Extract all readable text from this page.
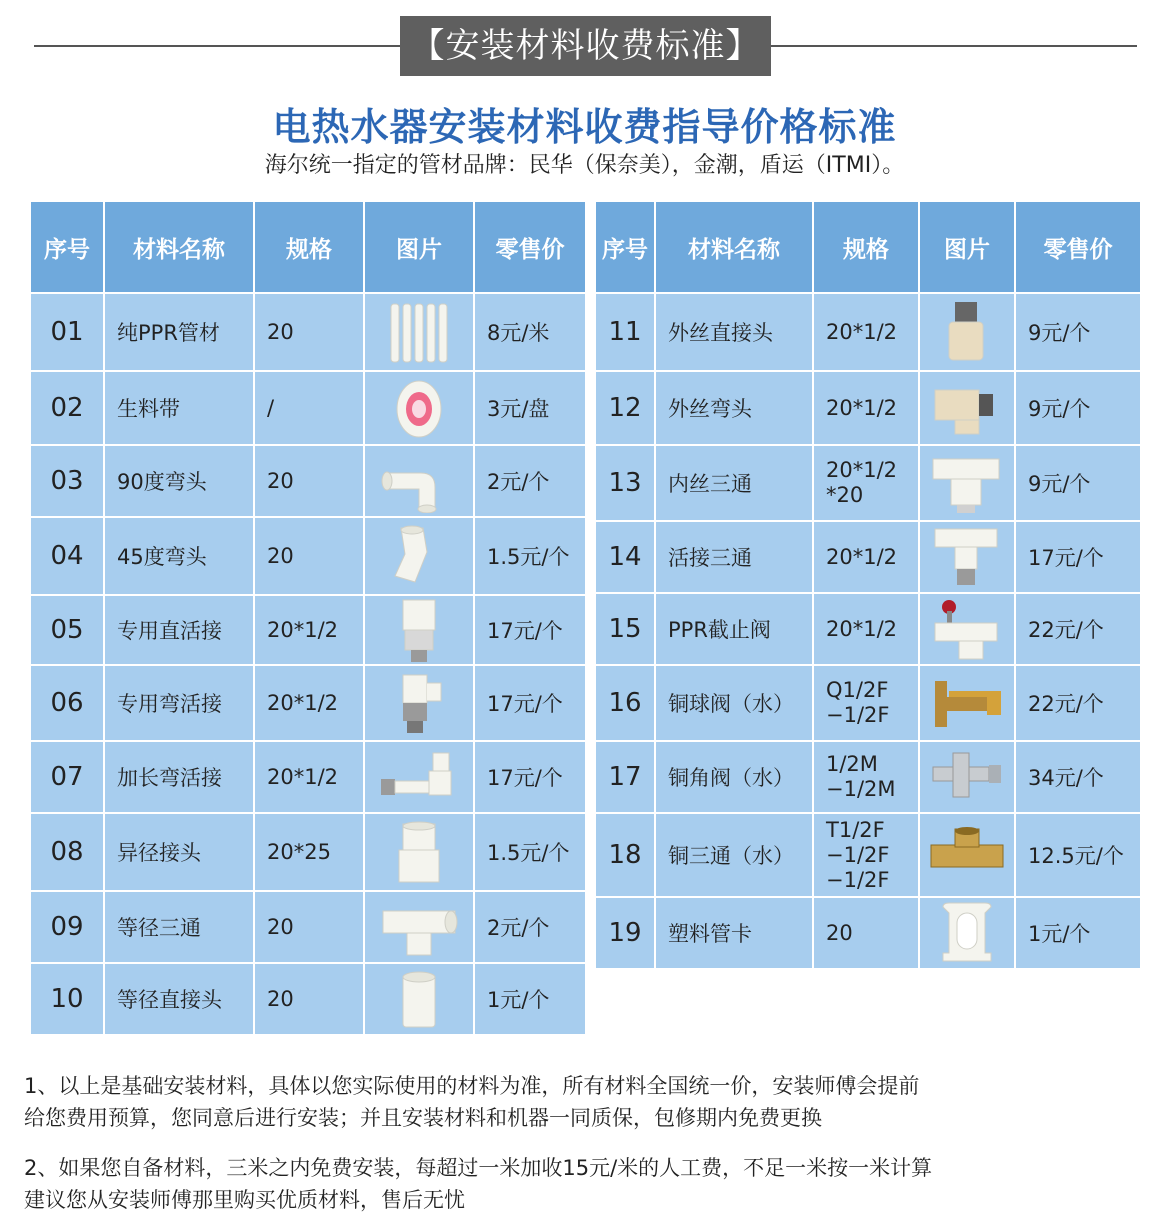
【安装材料收费标准】
电热水器安装材料收费指导价格标准
海尔统一指定的管材品牌：民华（保奈美），金潮，盾运（ITMI）。
序号	材料名称	规格	图片	零售价
01	纯PPR管材	20		8元/米
02	生料带	/		3元/盘
03	90度弯头	20		2元/个
04	45度弯头	20		1.5元/个
05	专用直活接	20*1/2		17元/个
06	专用弯活接	20*1/2		17元/个
07	加长弯活接	20*1/2		17元/个
08	异径接头	20*25		1.5元/个
09	等径三通	20		2元/个
10	等径直接头	20		1元/个
序号	材料名称	规格	图片	零售价
11	外丝直接头	20*1/2		9元/个
12	外丝弯头	20*1/2		9元/个
13	内丝三通	20*1/2
*20		9元/个
14	活接三通	20*1/2		17元/个
15	PPR截止阀	20*1/2		22元/个
16	铜球阀（水）	Q1/2F
−1/2F		22元/个
17	铜角阀（水）	1/2M
−1/2M		34元/个
18	铜三通（水）	T1/2F
−1/2F
−1/2F		12.5元/个
19	塑料管卡	20		1元/个
1、以上是基础安装材料，具体以您实际使用的材料为准，所有材料全国统一价，安装师傅会提前
给您费用预算，您同意后进行安装；并且安装材料和机器一同质保，包修期内免费更换
2、如果您自备材料，三米之内免费安装，每超过一米加收15元/米的人工费，不足一米按一米计算
建议您从安装师傅那里购买优质材料，售后无忧
